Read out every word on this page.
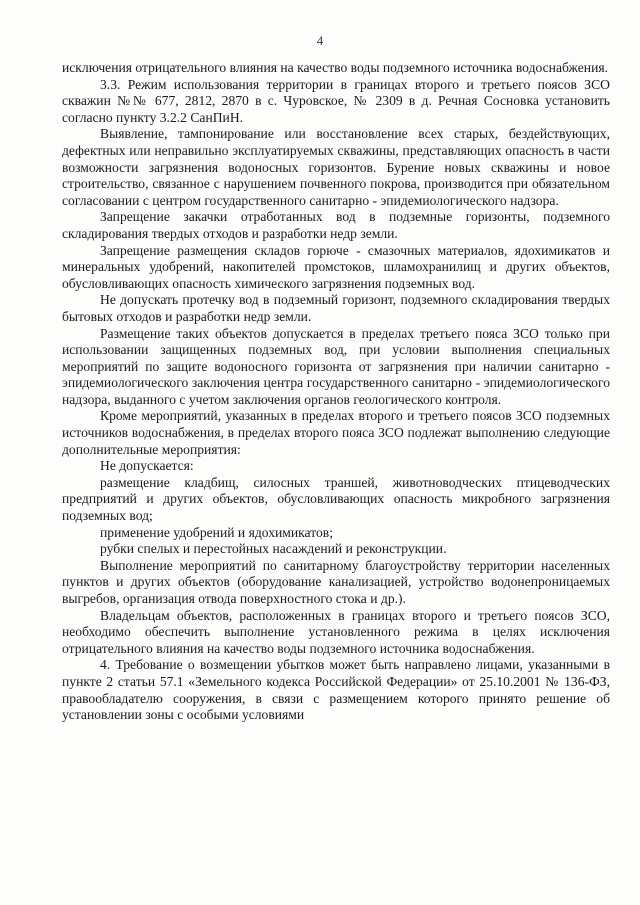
4

исключения отрицательного влияния на качество воды подземного источника водоснабжения.

3.3. Режим использования территории в границах второго и третьего поясов ЗСО скважин №№ 677, 2812, 2870 в с. Чуровское, № 2309 в д. Речная Сосновка установить согласно пункту 3.2.2 СанПиН.

Выявление, тампонирование или восстановление всех старых, бездействующих, дефектных или неправильно эксплуатируемых скважины, представляющих опасность в части возможности загрязнения водоносных горизонтов. Бурение новых скважины и новое строительство, связанное с нарушением почвенного покрова, производится при обязательном согласовании с центром государственного санитарно - эпидемиологического надзора.

Запрещение закачки отработанных вод в подземные горизонты, подземного складирования твердых отходов и разработки недр земли.

Запрещение размещения складов горюче - смазочных материалов, ядохимикатов и минеральных удобрений, накопителей промстоков, шламохранилищ и других объектов, обусловливающих опасность химического загрязнения подземных вод.

Не допускать протечку вод в подземный горизонт, подземного складирования твердых бытовых отходов и разработки недр земли.

Размещение таких объектов допускается в пределах третьего пояса ЗСО только при использовании защищенных подземных вод, при условии выполнения специальных мероприятий по защите водоносного горизонта от загрязнения при наличии санитарно - эпидемиологического заключения центра государственного санитарно - эпидемиологического надзора, выданного с учетом заключения органов геологического контроля.

Кроме мероприятий, указанных в пределах второго и третьего поясов ЗСО подземных источников водоснабжения, в пределах второго пояса ЗСО подлежат выполнению следующие дополнительные мероприятия:

Не допускается:

размещение кладбищ, силосных траншей, животноводческих птицеводческих предприятий и других объектов, обусловливающих опасность микробного загрязнения подземных вод;

применение удобрений и ядохимикатов;

рубки спелых и перестойных насаждений и реконструкции.

Выполнение мероприятий по санитарному благоустройству территории населенных пунктов и других объектов (оборудование канализацией, устройство водонепроницаемых выгребов, организация отвода поверхностного стока и др.).

Владельцам объектов, расположенных в границах второго и третьего поясов ЗСО, необходимо обеспечить выполнение установленного режима в целях исключения отрицательного влияния на качество воды подземного источника водоснабжения.

4. Требование о возмещении убытков может быть направлено лицами, указанными в пункте 2 статьи 57.1 «Земельного кодекса Российской Федерации» от 25.10.2001 № 136-ФЗ, правообладателю сооружения, в связи с размещением которого принято решение об установлении зоны с особыми условиями
